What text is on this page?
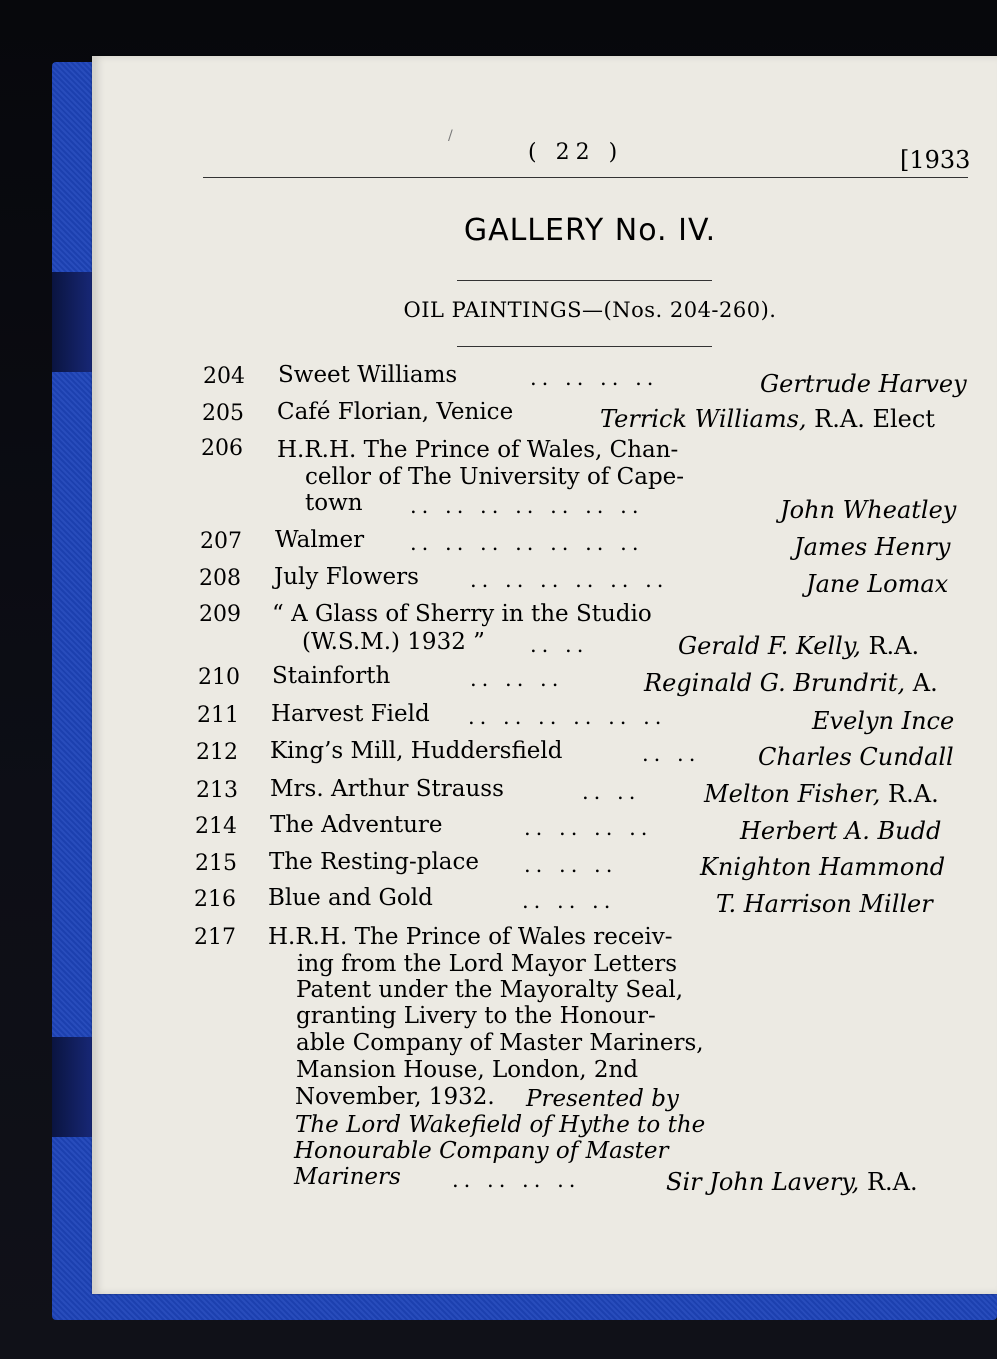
/
( 22 )	[1933
GALLERY No. IV.
OIL PAINTINGS—(Nos. 204-260).
204 Sweet Williams	.. .. .. ..	Gertrude Harvey
205 Café Florian, Venice	Terrick Williams, R.A. Elect
206 H.R.H. The Prince of Wales, Chan-
cellor of The University of Cape-
town .. .. .. .. .. .. ..	John Wheatley
207 Walmer .. .. .. .. .. .. ..	James Henry
208 July Flowers .. .. .. .. .. ..	Jane Lomax
209 “ A Glass of Sherry in the Studio
(W.S.M.) 1932 ” .. ..	Gerald F. Kelly, R.A.
210 Stainforth	.. .. ..	Reginald G. Brundrit, A.
211 Harvest Field .. .. .. .. .. ..	Evelyn Ince
212 King’s Mill, Huddersfield	.. .. Charles Cundall
213 Mrs. Arthur Strauss	.. ..	Melton Fisher, R.A.
214 The Adventure	.. .. .. ..	Herbert A. Budd
215 The Resting-place .. .. ..	Knighton Hammond
216 Blue and Gold	.. .. ..	T. Harrison Miller
217 H.R.H. The Prince of Wales receiv-
ing from the Lord Mayor Letters
Patent under the Mayoralty Seal,
granting Livery to the Honour-
able Company of Master Mariners,
Mansion House, London, 2nd
November, 1932. Presented by
The Lord Wakefield of Hythe to the
Honourable Company of Master
Mariners .. .. .. ..	Sir John Lavery, R.A.
